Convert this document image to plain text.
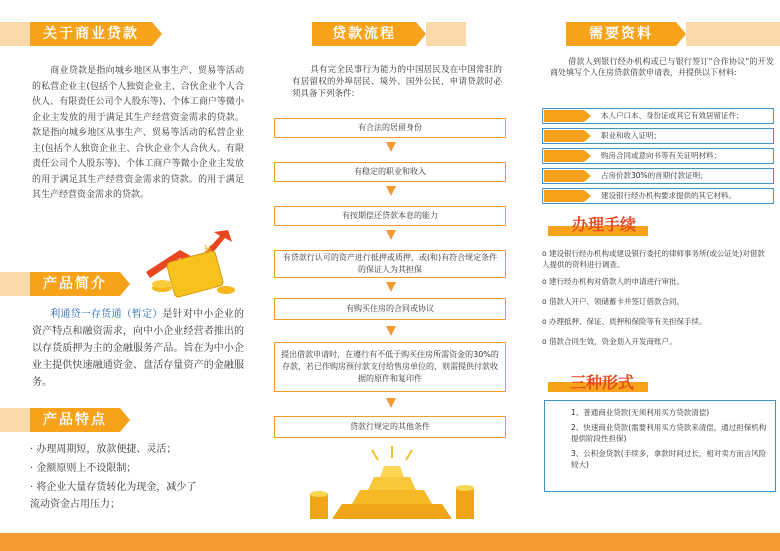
关于商业贷款
商业贷款是指向城乡地区从事生产、贸易等活动的私营企业主(包括个人独资企业主、合伙企业个人合伙人、有限责任公司个人股东等)、个体工商户等微小企业主发放的用于满足其生产经营资金需求的贷款。款是指向城乡地区从事生产、贸易等活动的私营企业主(包括个人独资企业主、合伙企业个人合伙人、有限责任公司个人股东等)、个体工商户等微小企业主发放的用于满足其生产经营资金需求的贷款。的用于满足其生产经营资金需求的贷款。
¥
产品简介
利通贷一存货通（暂定）是针对中小企业的资产特点和融资需求，向中小企业经营者推出的以存货质押为主的金融服务产品。旨在为中小企业主提供快速融通资金、盘活存量资产的金融服务。
产品特点
· 办理周期短，放款便捷、灵活；
· 金额原则上不设限制；
· 将企业大量存货转化为现金，减少了
流动资金占用压力；
贷款流程
具有完全民事行为能力的中国居民及在中国常驻的有居留权的外埠居民、境外、国外公民，申请贷款时必须具备下列条件:
有合法的居留身份
有稳定的职业和收入
有按期偿还贷款本息的能力
有贷款行认可的资产进行抵押或质押，或(和)有符合规定条件的保证人为其担保
有购买住房的合同或协议
提出借款申请时，在遵行有不低于购买住房所需资金的30%的存款，若已作购房预付款支付给售房单位的，则需提供付款收据的原件和复印件
贷款行规定的其他条件
需要资料
借款人到银行经办机构或已与银行签订"合作协议"的开发商处填写个人住房贷款借款申请表，并提供以下材料:
本人户口本、身份证或其它有效居留证件；
职业和收入证明；
购房合同或意向书等有关证明材料；
占房价款30%的首期付款证明；
建设银行经办机构要求提供的其它材料。
办理手续
o 建设银行经办机构或建设银行委托的律师事务所(或公证处)对借款人提供的资料进行调查。
o 建行经办机构对借款人的申请进行审批。
o 借款人开户、领储蓄卡并签订借款合同。
o 办理抵押、保证、质押和保险等有关担保手续。
o 借款合同生效，资金划入开发商账户。
三种形式
1、普通商业贷款(无须利用买方贷款清偿)
2、快速商业贷款(需要利用买方贷款来清偿，通过担保机构提供阶段性担保)
3、公积金贷款(手续多，拿款时间过长，相对卖方而言风险较大)
